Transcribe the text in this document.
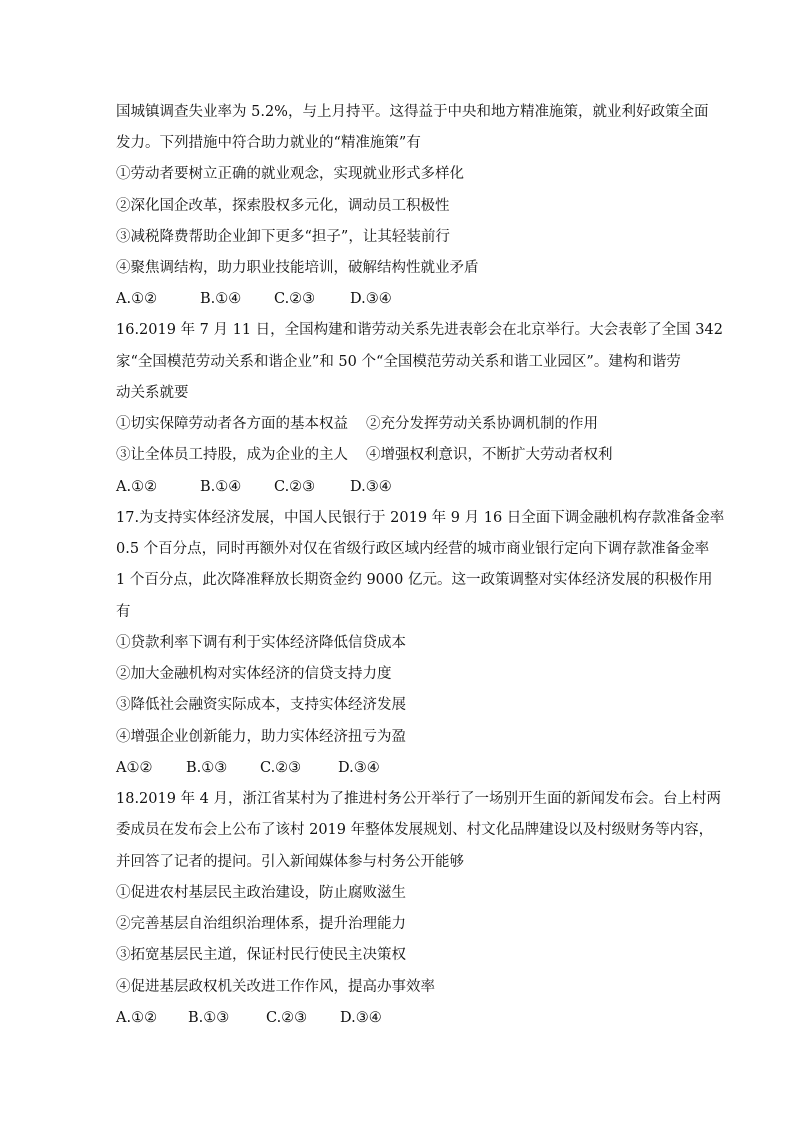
国城镇调查失业率为 5.2%，与上月持平。这得益于中央和地方精准施策，就业利好政策全面
发力。下列措施中符合助力就业的“精准施策”有
①劳动者要树立正确的就业观念，实现就业形式多样化
②深化国企改革，探索股权多元化，调动员工积极性
③减税降费帮助企业卸下更多“担子”，让其轻装前行
④聚焦调结构，助力职业技能培训，破解结构性就业矛盾
A.①②	B.①④ C.②③ D.③④
16.2019 年 7 月 11 日，全国构建和谐劳动关系先进表彰会在北京举行。大会表彰了全国 342
家“全国模范劳动关系和谐企业”和 50 个“全国模范劳动关系和谐工业园区”。建构和谐劳
动关系就要
①切实保障劳动者各方面的基本权益 ②充分发挥劳动关系协调机制的作用
③让全体员工持股，成为企业的主人 ④增强权利意识，不断扩大劳动者权利
A.①②	B.①④ C.②③ D.③④
17.为支持实体经济发展，中国人民银行于 2019 年 9 月 16 日全面下调金融机构存款准备金率
0.5 个百分点，同时再额外对仅在省级行政区域内经营的城市商业银行定向下调存款准备金率
1 个百分点，此次降准释放长期资金约 9000 亿元。这一政策调整对实体经济发展的积极作用
有
①贷款利率下调有利于实体经济降低信贷成本
②加大金融机构对实体经济的信贷支持力度
③降低社会融资实际成本，支持实体经济发展
④增强企业创新能力，助力实体经济扭亏为盈
A①② B.①③ C.②③	D.③④
18.2019 年 4 月，浙江省某村为了推进村务公开举行了一场别开生面的新闻发布会。台上村两
委成员在发布会上公布了该村 2019 年整体发展规划、村文化品牌建设以及村级财务等内容，
并回答了记者的提问。引入新闻媒体参与村务公开能够
①促进农村基层民主政治建设，防止腐败滋生
②完善基层自治组织治理体系，提升治理能力
③拓宽基层民主道，保证村民行使民主决策权
④促进基层政权机关改进工作作风，提高办事效率
A.①② B.①③	C.②③ D.③④
